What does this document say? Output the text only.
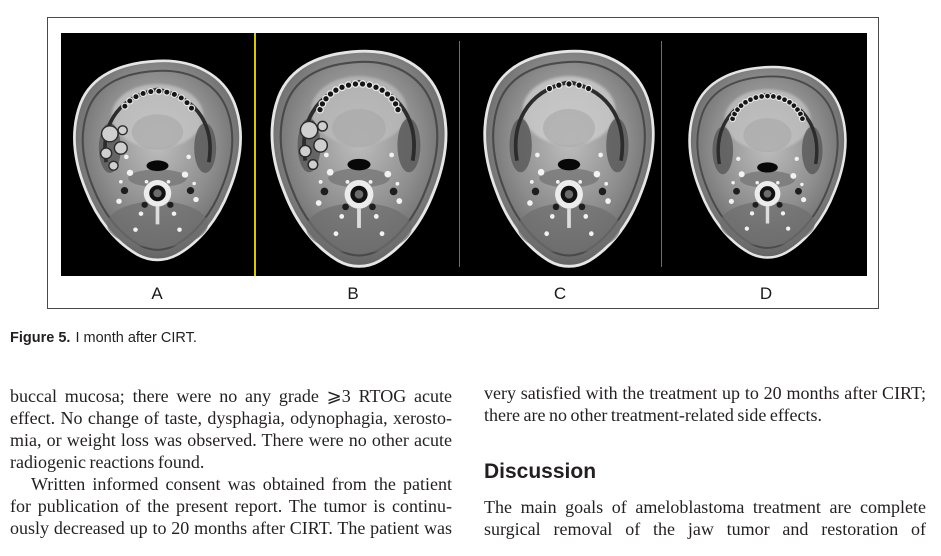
A	B	C	D
Figure 5. I month after CIRT.
buccal mucosa; there were no any grade ⩾3 RTOG acute
effect. No change of taste, dysphagia, odynophagia, xerosto-
mia, or weight loss was observed. There were no other acute
radiogenic reactions found.
Written informed consent was obtained from the patient
for publication of the present report. The tumor is continu-
ously decreased up to 20 months after CIRT. The patient was
very satisfied with the treatment up to 20 months after CIRT;
there are no other treatment-related side effects.
Discussion
The main goals of ameloblastoma treatment are complete
surgical removal of the jaw tumor and restoration of
